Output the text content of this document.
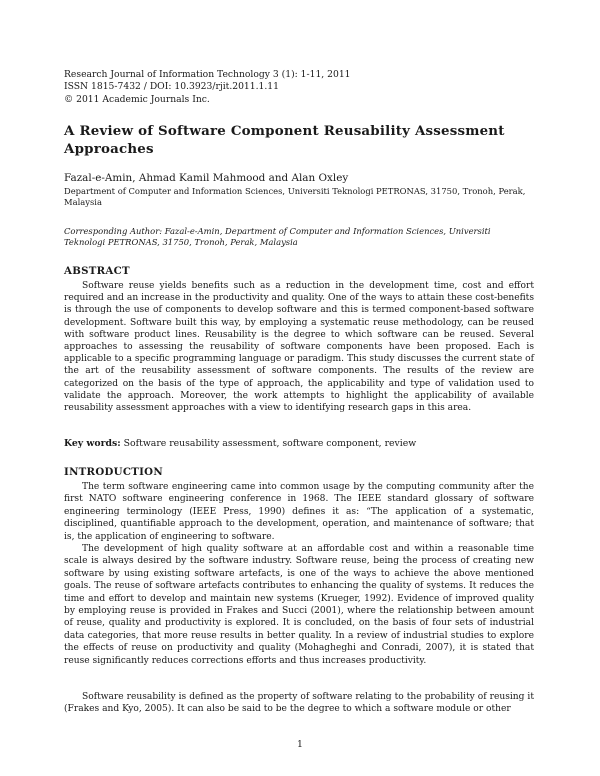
Research Journal of Information Technology 3 (1): 1-11, 2011
ISSN 1815-7432 / DOI: 10.3923/rjit.2011.1.11
© 2011 Academic Journals Inc.
A Review of Software Component Reusability Assessment Approaches
Fazal-e-Amin, Ahmad Kamil Mahmood and Alan Oxley
Department of Computer and Information Sciences, Universiti Teknologi PETRONAS, 31750, Tronoh, Perak, Malaysia
Corresponding Author: Fazal-e-Amin, Department of Computer and Information Sciences, Universiti Teknologi PETRONAS, 31750, Tronoh, Perak, Malaysia
ABSTRACT
Software reuse yields benefits such as a reduction in the development time, cost and effort required and an increase in the productivity and quality. One of the ways to attain these cost-benefits is through the use of components to develop software and this is termed component-based software development. Software built this way, by employing a systematic reuse methodology, can be reused with software product lines. Reusability is the degree to which software can be reused. Several approaches to assessing the reusability of software components have been proposed. Each is applicable to a specific programming language or paradigm. This study discusses the current state of the art of the reusability assessment of software components. The results of the review are categorized on the basis of the type of approach, the applicability and type of validation used to validate the approach. Moreover, the work attempts to highlight the applicability of available reusability assessment approaches with a view to identifying research gaps in this area.
Key words: Software reusability assessment, software component, review
INTRODUCTION

The term software engineering came into common usage by the computing community after the first NATO software engineering conference in 1968. The IEEE standard glossary of software engineering terminology (IEEE Press, 1990) defines it as: “The application of a systematic, disciplined, quantifiable approach to the development, operation, and maintenance of software; that is, the application of engineering to software.

The development of high quality software at an affordable cost and within a reasonable time scale is always desired by the software industry. Software reuse, being the process of creating new software by using existing software artefacts, is one of the ways to achieve the above mentioned goals. The reuse of software artefacts contributes to enhancing the quality of systems. It reduces the time and effort to develop and maintain new systems (Krueger, 1992). Evidence of improved quality by employing reuse is provided in Frakes and Succi (2001), where the relationship between amount of reuse, quality and productivity is explored. It is concluded, on the basis of four sets of industrial data categories, that more reuse results in better quality. In a review of industrial studies to explore the effects of reuse on productivity and quality (Mohagheghi and Conradi, 2007), it is stated that reuse significantly reduces corrections efforts and thus increases productivity.

Software reusability is defined as the property of software relating to the probability of reusing it (Frakes and Kyo, 2005). It can also be said to be the degree to which a software module or other

1
